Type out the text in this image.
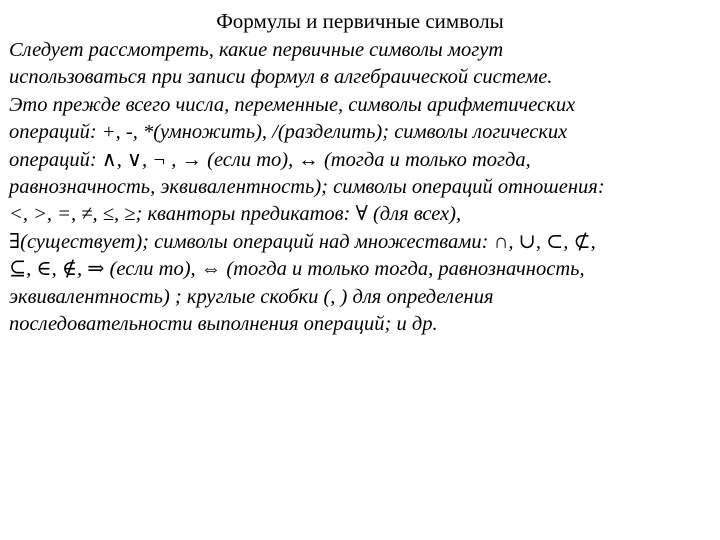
Формулы и первичные символы
Следует рассмотреть, какие первичные символы могут
использоваться при записи формул в алгебраической системе.
Это прежде всего числа, переменные, символы арифметических
операций: +, -, *(умножить), /(разделить); символы логических
операций: ∧, ∨, ¬ , → (если то), ↔ (тогда и только тогда,
равнозначность, эквивалентность); символы операций отношения:
<, >, =, ≠, ≤, ≥; кванторы предикатов: ∀ (для всех),
∃(существует); символы операций над множествами: ∩, ∪, ⊂, ⊄,
⊆, ∈, ∉, ⇒ (если то), ⇔ (тогда и только тогда, равнозначность,
эквивалентность) ; круглые скобки (, ) для определения
последовательности выполнения операций; и др.
